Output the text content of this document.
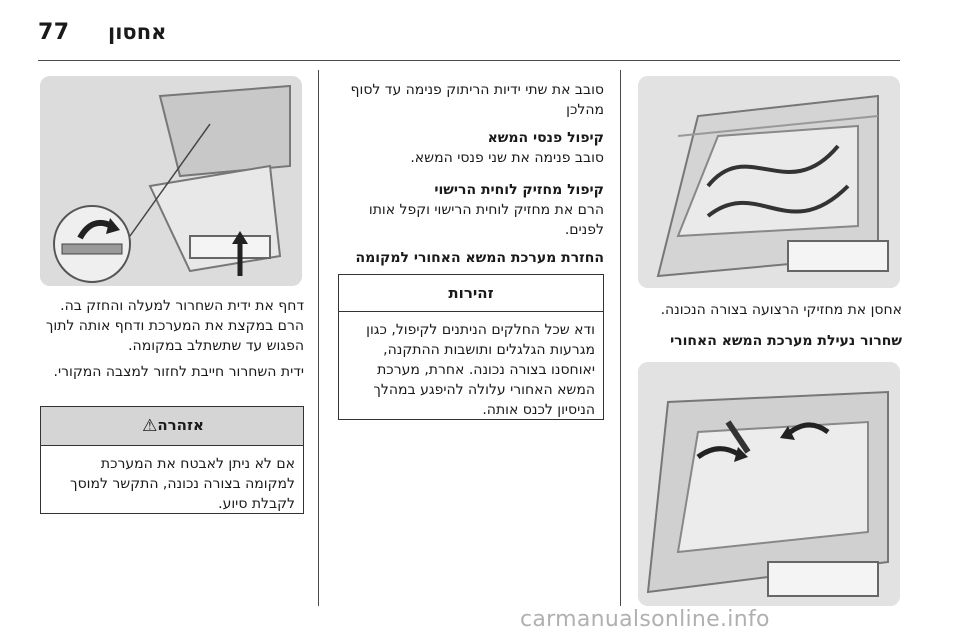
77 אחסון
אחסן את מחזיקי הרצועה בצורה הנכונה.
שחרור נעילת מערכת המשא האחורי
סובב את שתי ידיות הריתוק פנימה עד לסוף מהלכן
קיפול פנסי המשא
סובב פנימה את שני פנסי המשא.
קיפול מחזיק לוחית הרישוי
הרם את מחזיק לוחית הרישוי וקפל אותו לפנים.
החזרת מערכת המשא האחורי למקומה
זהירות
ודא שכל החלקים הניתנים לקיפול, כגון מגרעות הגלגלים ותושבות ההתקנה, יאוחסנו בצורה נכונה. אחרת, מערכת המשא האחורי עלולה להיפגע במהלך הניסיון לכנס אותה.
דחף את ידית השחרור למעלה והחזק בה. הרם במקצת את המערכת ודחף אותה לתוך הפגוש עד שתשתלב במקומה.
ידית השחרור חייבת לחזור למצבה המקורי.
אזהרה⚠
אם לא ניתן לאבטח את המערכת למקומה בצורה נכונה, התקשר למוסך לקבלת סיוע.
carmanualsonline.info
